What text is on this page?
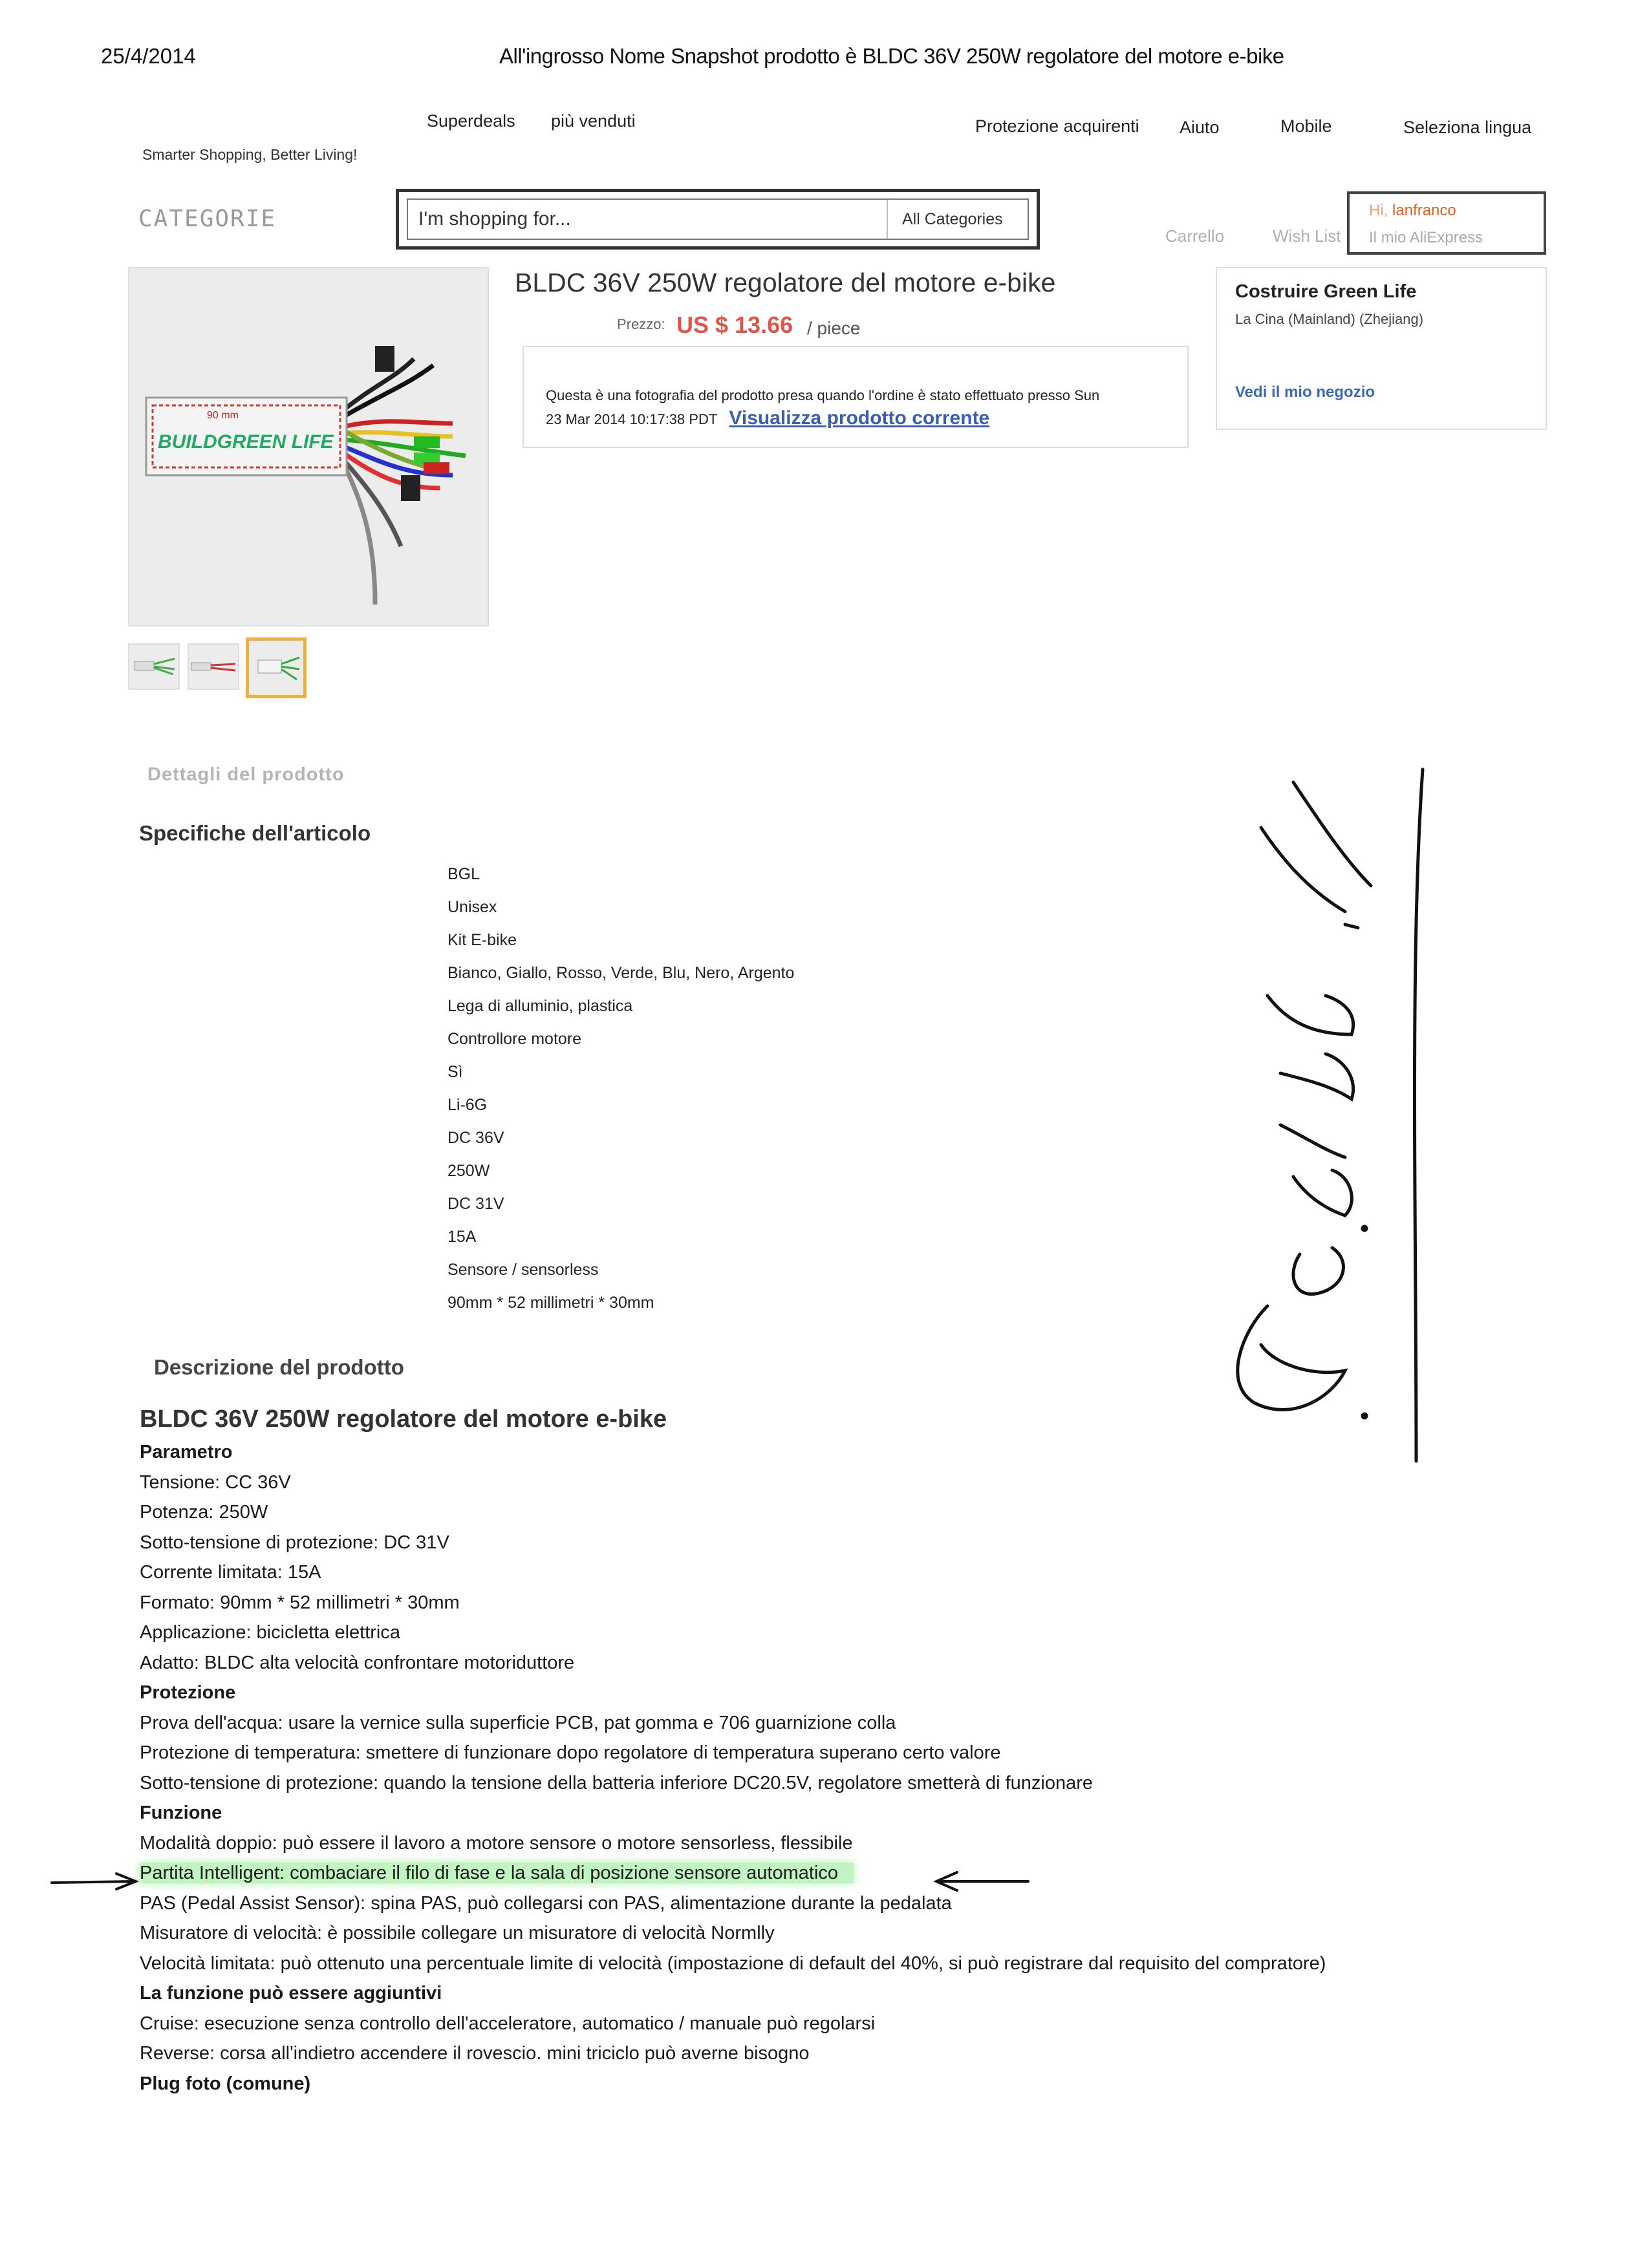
25/4/2014	All'ingrosso Nome Snapshot prodotto è BLDC 36V 250W regolatore del motore e-bike
Superdeals più venduti
Smarter Shopping, Better Living!
Protezione acquirenti Aiuto	Mobile	Seleziona lingua
CATEGORIE
I'm shopping for...	All Categories
Carrello	Wish List
Hi, lanfranco
Il mio AliExpress
90 mm
BUILDGREEN LIFE
BLDC 36V 250W regolatore del motore e-bike
Prezzo: US $ 13.66 / piece
Questa è una fotografia del prodotto presa quando l'ordine è stato effettuato presso Sun
23 Mar 2014 10:17:38 PDT Visualizza prodotto corrente
Costruire Green Life
La Cina (Mainland) (Zhejiang)
Vedi il mio negozio
Dettagli del prodotto
Specifiche dell'articolo
BGL
Unisex
Kit E-bike
Bianco, Giallo, Rosso, Verde, Blu, Nero, Argento
Lega di alluminio, plastica
Controllore motore
Sì
Li-6G
DC 36V
250W
DC 31V
15A
Sensore / sensorless
90mm * 52 millimetri * 30mm
Descrizione del prodotto
BLDC 36V 250W regolatore del motore e-bike
Parametro
Tensione: CC 36V
Potenza: 250W
Sotto-tensione di protezione: DC 31V
Corrente limitata: 15A
Formato: 90mm * 52 millimetri * 30mm
Applicazione: bicicletta elettrica
Adatto: BLDC alta velocità confrontare motoriduttore
Protezione
Prova dell'acqua: usare la vernice sulla superficie PCB, pat gomma e 706 guarnizione colla
Protezione di temperatura: smettere di funzionare dopo regolatore di temperatura superano certo valore
Sotto-tensione di protezione: quando la tensione della batteria inferiore DC20.5V, regolatore smetterà di funzionare
Funzione
Modalità doppio: può essere il lavoro a motore sensore o motore sensorless, flessibile
Partita Intelligent: combaciare il filo di fase e la sala di posizione sensore automatico
PAS (Pedal Assist Sensor): spina PAS, può collegarsi con PAS, alimentazione durante la pedalata
Misuratore di velocità: è possibile collegare un misuratore di velocità Normlly
Velocità limitata: può ottenuto una percentuale limite di velocità (impostazione di default del 40%, si può registrare dal requisito del compratore)
La funzione può essere aggiuntivi
Cruise: esecuzione senza controllo dell'acceleratore, automatico / manuale può regolarsi
Reverse: corsa all'indietro accendere il rovescio. mini triciclo può averne bisogno
Plug foto (comune)
